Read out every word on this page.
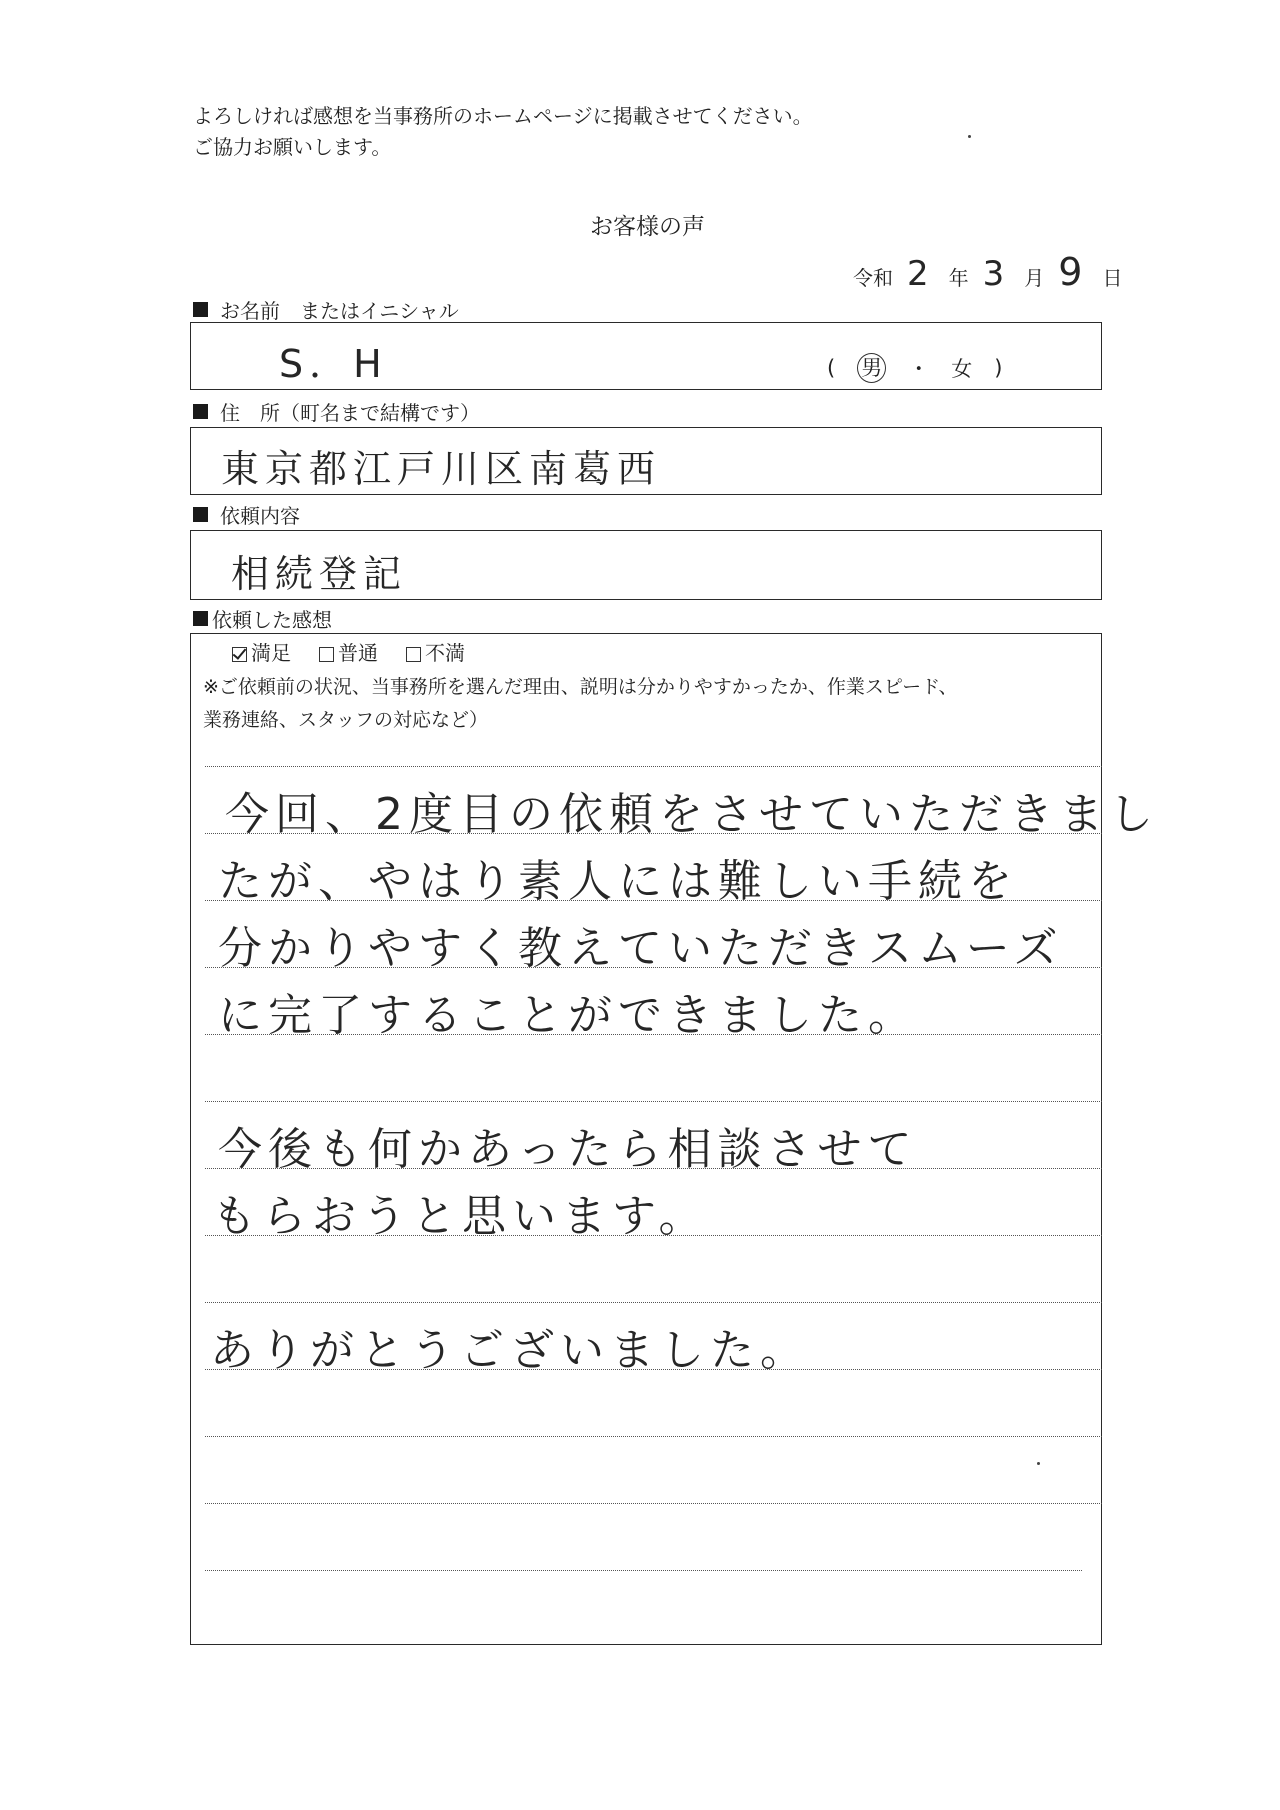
よろしければ感想を当事務所のホームページに掲載させてください。
ご協力お願いします。
お客様の声
令和 2 年 3 月 9 日
お名前　またはイニシャル
S．H	( 男 ・ 女 )
住　所（町名まで結構です）
東京都江戸川区南葛西
依頼内容
相続登記
依頼した感想
満足	普通	不満
※ご依頼前の状況、当事務所を選んだ理由、説明は分かりやすかったか、作業スピード、
業務連絡、スタッフの対応など）
今回、2度目の依頼をさせていただきまし
たが、やはり素人には難しい手続を
分かりやすく教えていただきスムーズ
に完了することができました。
今後も何かあったら相談させて
もらおうと思います。
ありがとうございました。
